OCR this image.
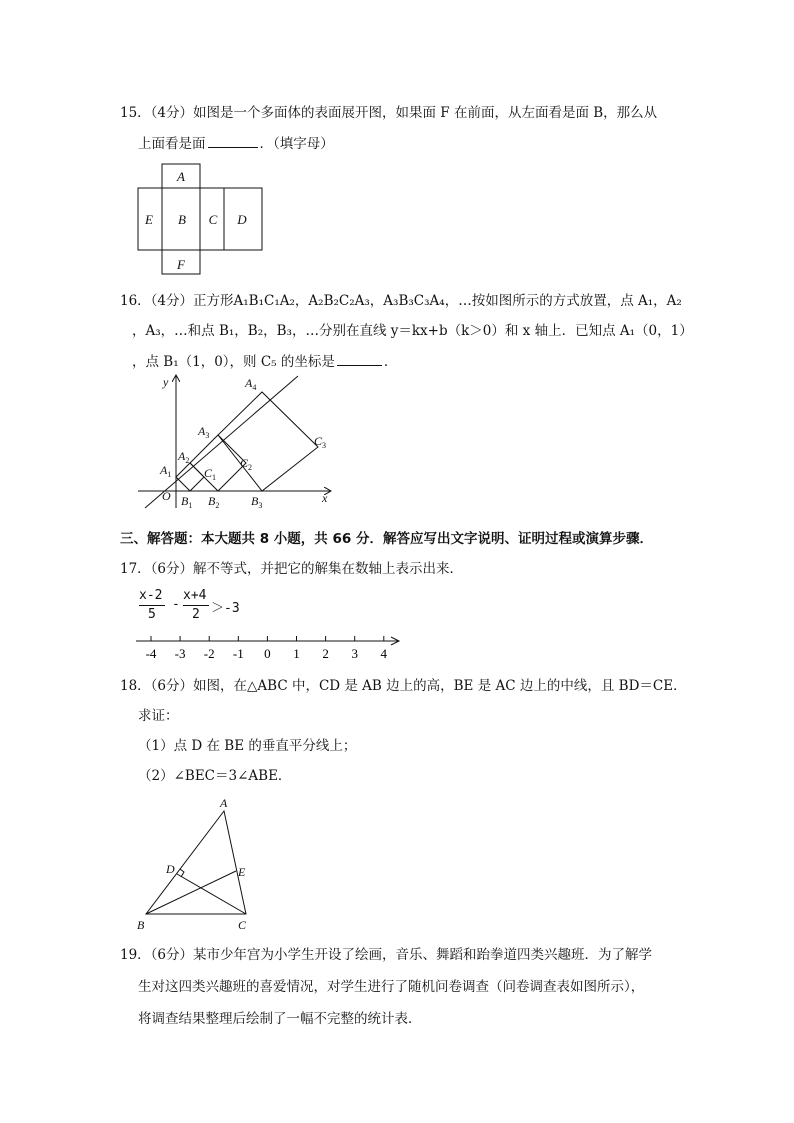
15．（4分）如图是一个多面体的表面展开图，如果面 F 在前面，从左面看是面 B，那么从
上面看是面	．（填字母）
A
E B C D
F
16．（4分）正方形A₁B₁C₁A₂，A₂B₂C₂A₃，A₃B₃C₃A₄，…按如图所示的方式放置，点 A₁，A₂
，A₃，…和点 B₁，B₂，B₃，…分别在直线 y＝kx+b（k＞0）和 x 轴上．已知点 A₁（0，1）
，点 B₁（1，0），则 C₅ 的坐标是	．
y
x
O
$A_1$
$A_2$
$A_3$
$A_4$
$B_1$ $B_2$	$B_3$
$C_1$
$C_2$
$C_3$
三、解答题：本大题共 8 小题，共 66 分．解答应写出文字说明、证明过程或演算步骤．
17．（6分）解不等式，并把它的解集在数轴上表示出来．
x-2
5
-
x+4
2 ＞-3
-4 -3 -2 -1 0 1 2 3 4
18．（6分）如图，在△ABC 中，CD 是 AB 边上的高，BE 是 AC 边上的中线，且 BD＝CE．
求证：
（1）点 D 在 BE 的垂直平分线上；
（2）∠BEC＝3∠ABE．
A
B	C
D	E
19．（6分）某市少年宫为小学生开设了绘画，音乐、舞蹈和跆拳道四类兴趣班．为了解学
生对这四类兴趣班的喜爱情况，对学生进行了随机问卷调查（问卷调查表如图所示），
将调查结果整理后绘制了一幅不完整的统计表．
